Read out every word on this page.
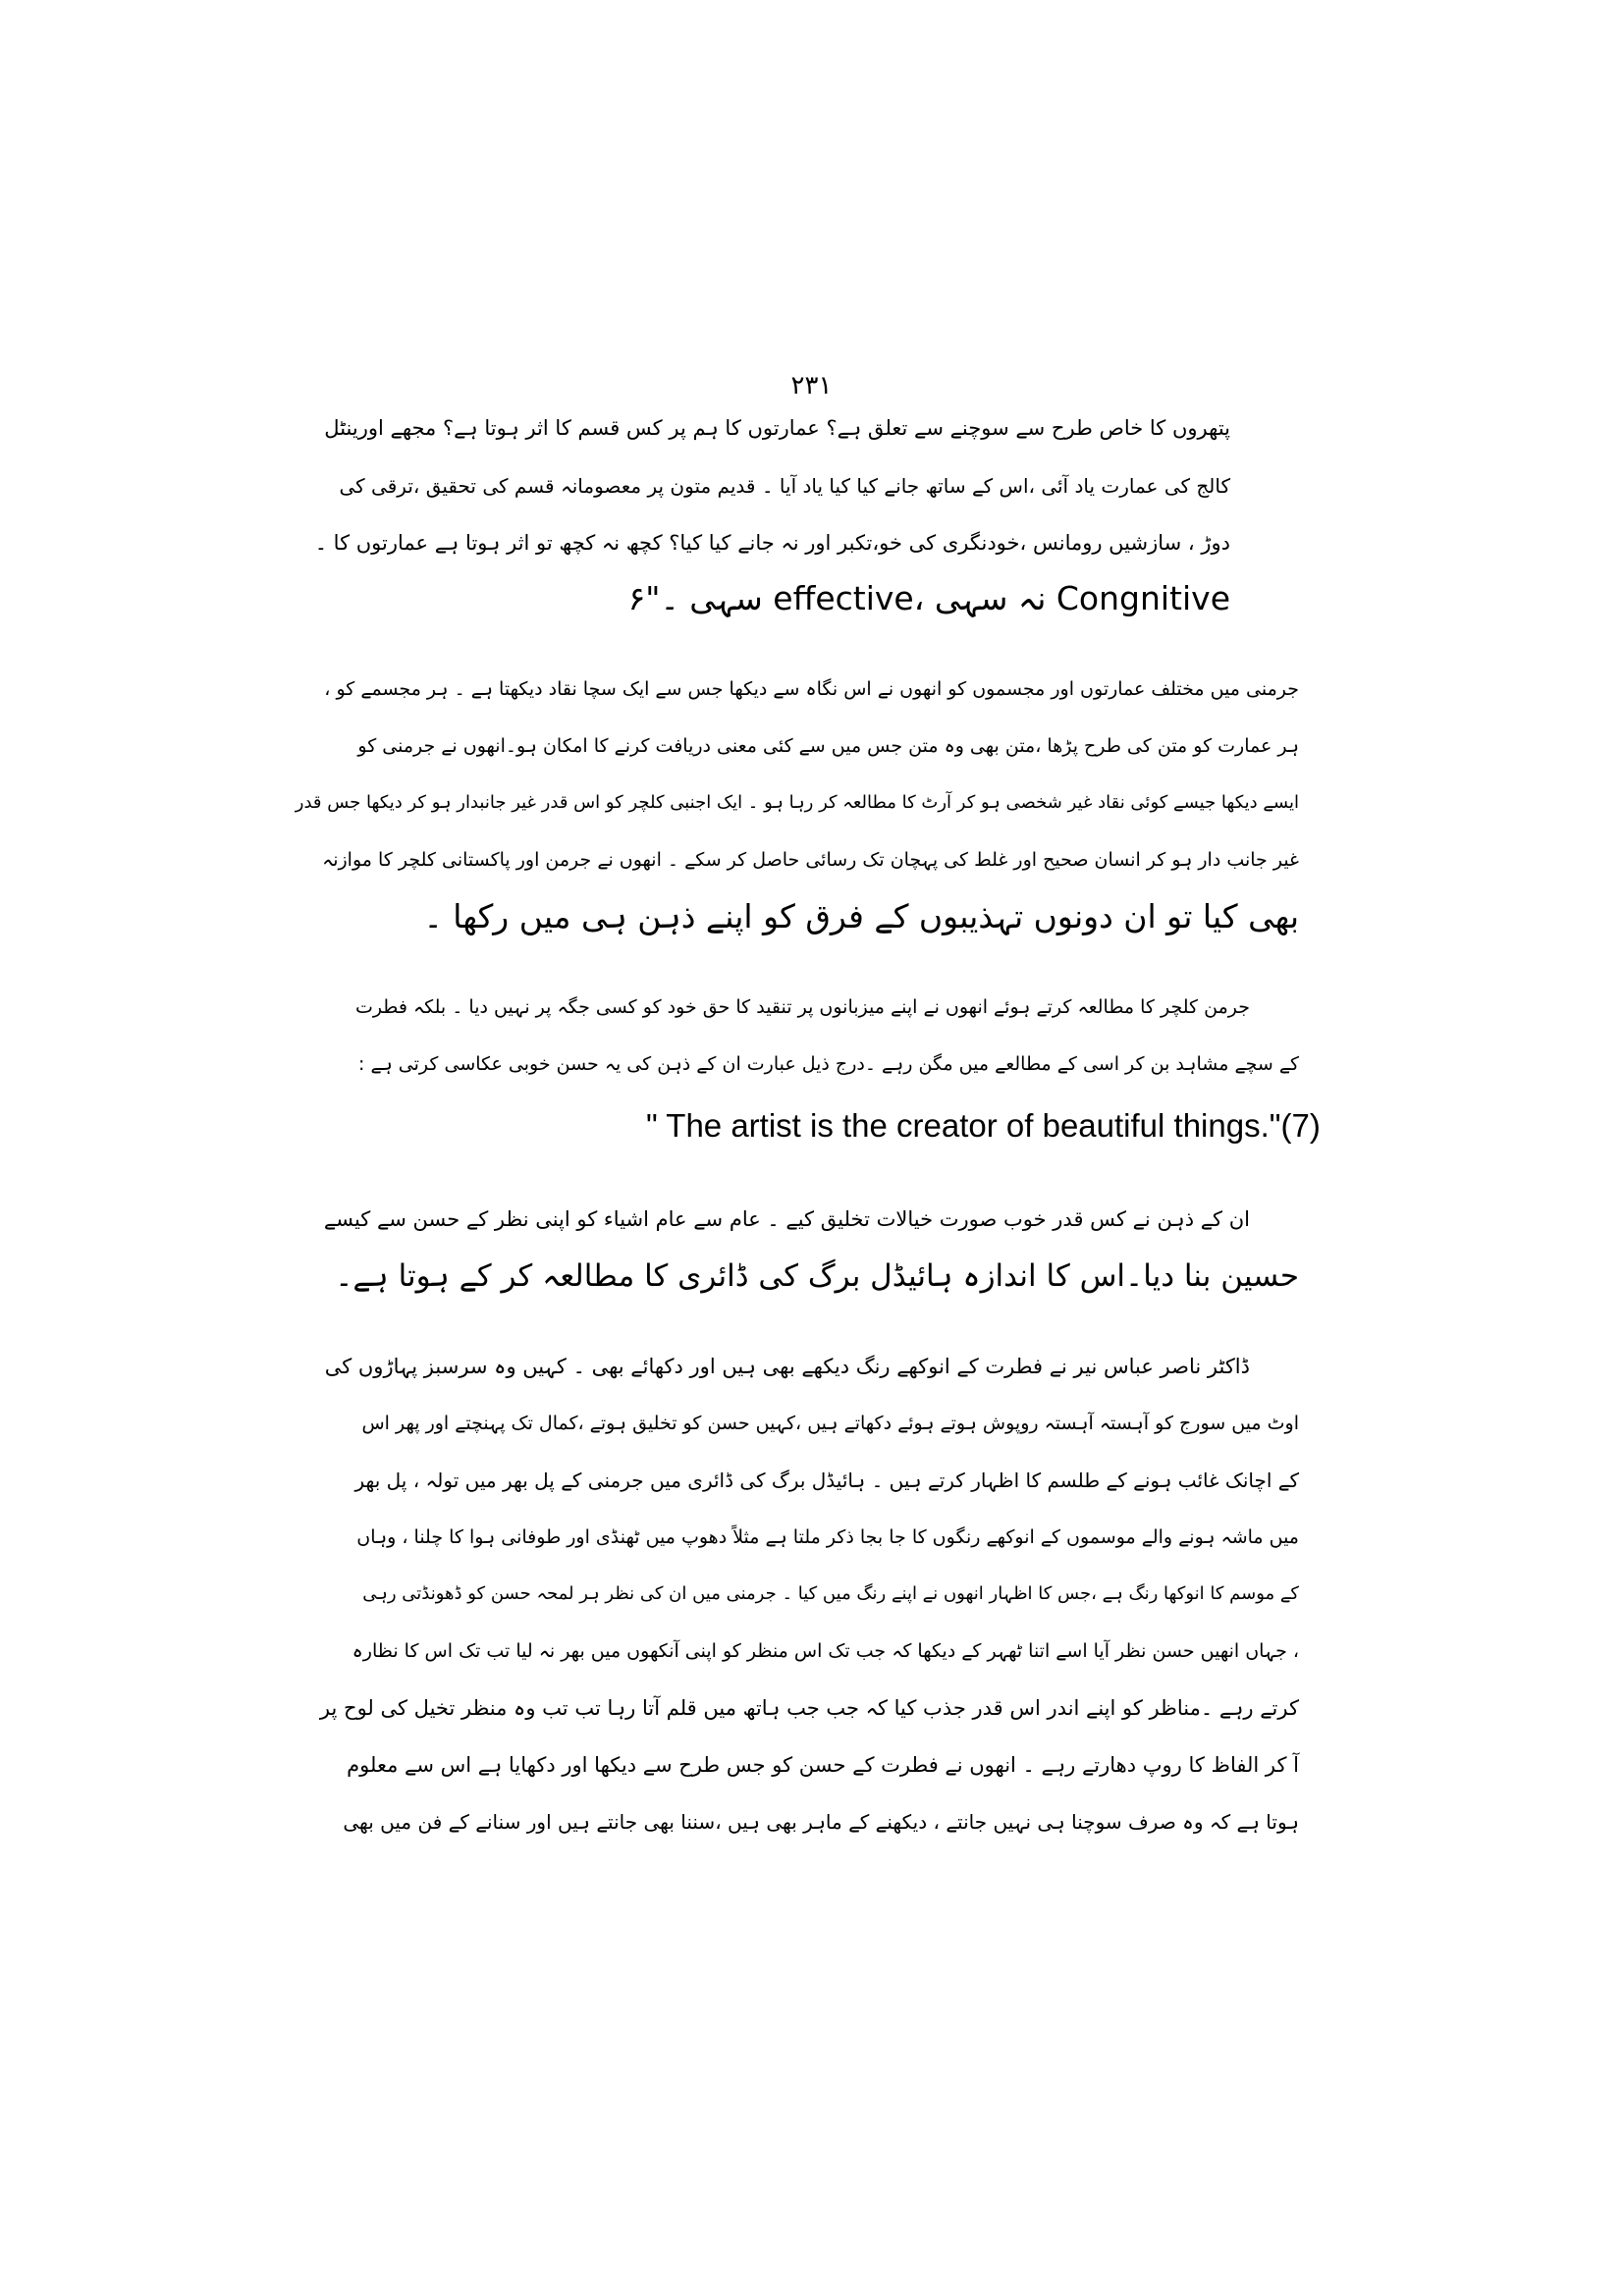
۲۳۱
پتھروں کا خاص طرح سے سوچنے سے تعلق ہے؟ عمارتوں کا ہم پر کس قسم کا اثر ہوتا ہے؟ مجھے اورینٹل
کالج کی عمارت یاد آئی ،اس کے ساتھ جانے کیا کیا یاد آیا ۔ قدیم متون پر معصومانہ قسم کی تحقیق ،ترقی کی
دوڑ ، سازشیں رومانس ،خودنگری کی خو،تکبر اور نہ جانے کیا کیا؟ کچھ نہ کچھ تو اثر ہوتا ہے عمارتوں کا ۔
Congnitive نہ سہی ،effective سہی ۔"۶
جرمنی میں مختلف عمارتوں اور مجسموں کو انھوں نے اس نگاہ سے دیکھا جس سے ایک سچا نقاد دیکھتا ہے ۔ ہر مجسمے کو ،
ہر عمارت کو متن کی طرح پڑھا ،متن بھی وہ متن جس میں سے کئی معنی دریافت کرنے کا امکان ہو۔انھوں نے جرمنی کو
ایسے دیکھا جیسے کوئی نقاد غیر شخصی ہو کر آرٹ کا مطالعہ کر رہا ہو ۔ ایک اجنبی کلچر کو اس قدر غیر جانبدار ہو کر دیکھا جس قدر
غیر جانب دار ہو کر انسان صحیح اور غلط کی پہچان تک رسائی حاصل کر سکے ۔ انھوں نے جرمن اور پاکستانی کلچر کا موازنہ
بھی کیا تو ان دونوں تہذیبوں کے فرق کو اپنے ذہن ہی میں رکھا ۔
جرمن کلچر کا مطالعہ کرتے ہوئے انھوں نے اپنے میزبانوں پر تنقید کا حق خود کو کسی جگہ پر نہیں دیا ۔ بلکہ فطرت
کے سچے مشاہد بن کر اسی کے مطالعے میں مگن رہے ۔درج ذیل عبارت ان کے ذہن کی یہ حسن خوبی عکاسی کرتی ہے :
" The artist is the creator of beautiful things."(7)
ان کے ذہن نے کس قدر خوب صورت خیالات تخلیق کیے ۔ عام سے عام اشیاء کو اپنی نظر کے حسن سے کیسے
حسین بنا دیا۔اس کا اندازہ ہائیڈل برگ کی ڈائری کا مطالعہ کر کے ہوتا ہے۔
ڈاکٹر ناصر عباس نیر نے فطرت کے انوکھے رنگ دیکھے بھی ہیں اور دکھائے بھی ۔ کہیں وہ سرسبز پہاڑوں کی
اوٹ میں سورج کو آہستہ آہستہ روپوش ہوتے ہوئے دکھاتے ہیں ،کہیں حسن کو تخلیق ہوتے ،کمال تک پہنچتے اور پھر اس
کے اچانک غائب ہونے کے طلسم کا اظہار کرتے ہیں ۔ ہائیڈل برگ کی ڈائری میں جرمنی کے پل بھر میں تولہ ، پل بھر
میں ماشہ ہونے والے موسموں کے انوکھے رنگوں کا جا بجا ذکر ملتا ہے مثلاً دھوپ میں ٹھنڈی اور طوفانی ہوا کا چلنا ، وہاں
کے موسم کا انوکھا رنگ ہے ،جس کا اظہار انھوں نے اپنے رنگ میں کیا ۔ جرمنی میں ان کی نظر ہر لمحہ حسن کو ڈھونڈتی رہی
، جہاں انھیں حسن نظر آیا اسے اتنا ٹھہر کے دیکھا کہ جب تک اس منظر کو اپنی آنکھوں میں بھر نہ لیا تب تک اس کا نظارہ
کرتے رہے ۔مناظر کو اپنے اندر اس قدر جذب کیا کہ جب جب ہاتھ میں قلم آتا رہا تب تب وہ منظر تخیل کی لوح پر
آ کر الفاظ کا روپ دھارتے رہے ۔ انھوں نے فطرت کے حسن کو جس طرح سے دیکھا اور دکھایا ہے اس سے معلوم
ہوتا ہے کہ وہ صرف سوچنا ہی نہیں جانتے ، دیکھنے کے ماہر بھی ہیں ،سننا بھی جانتے ہیں اور سنانے کے فن میں بھی
